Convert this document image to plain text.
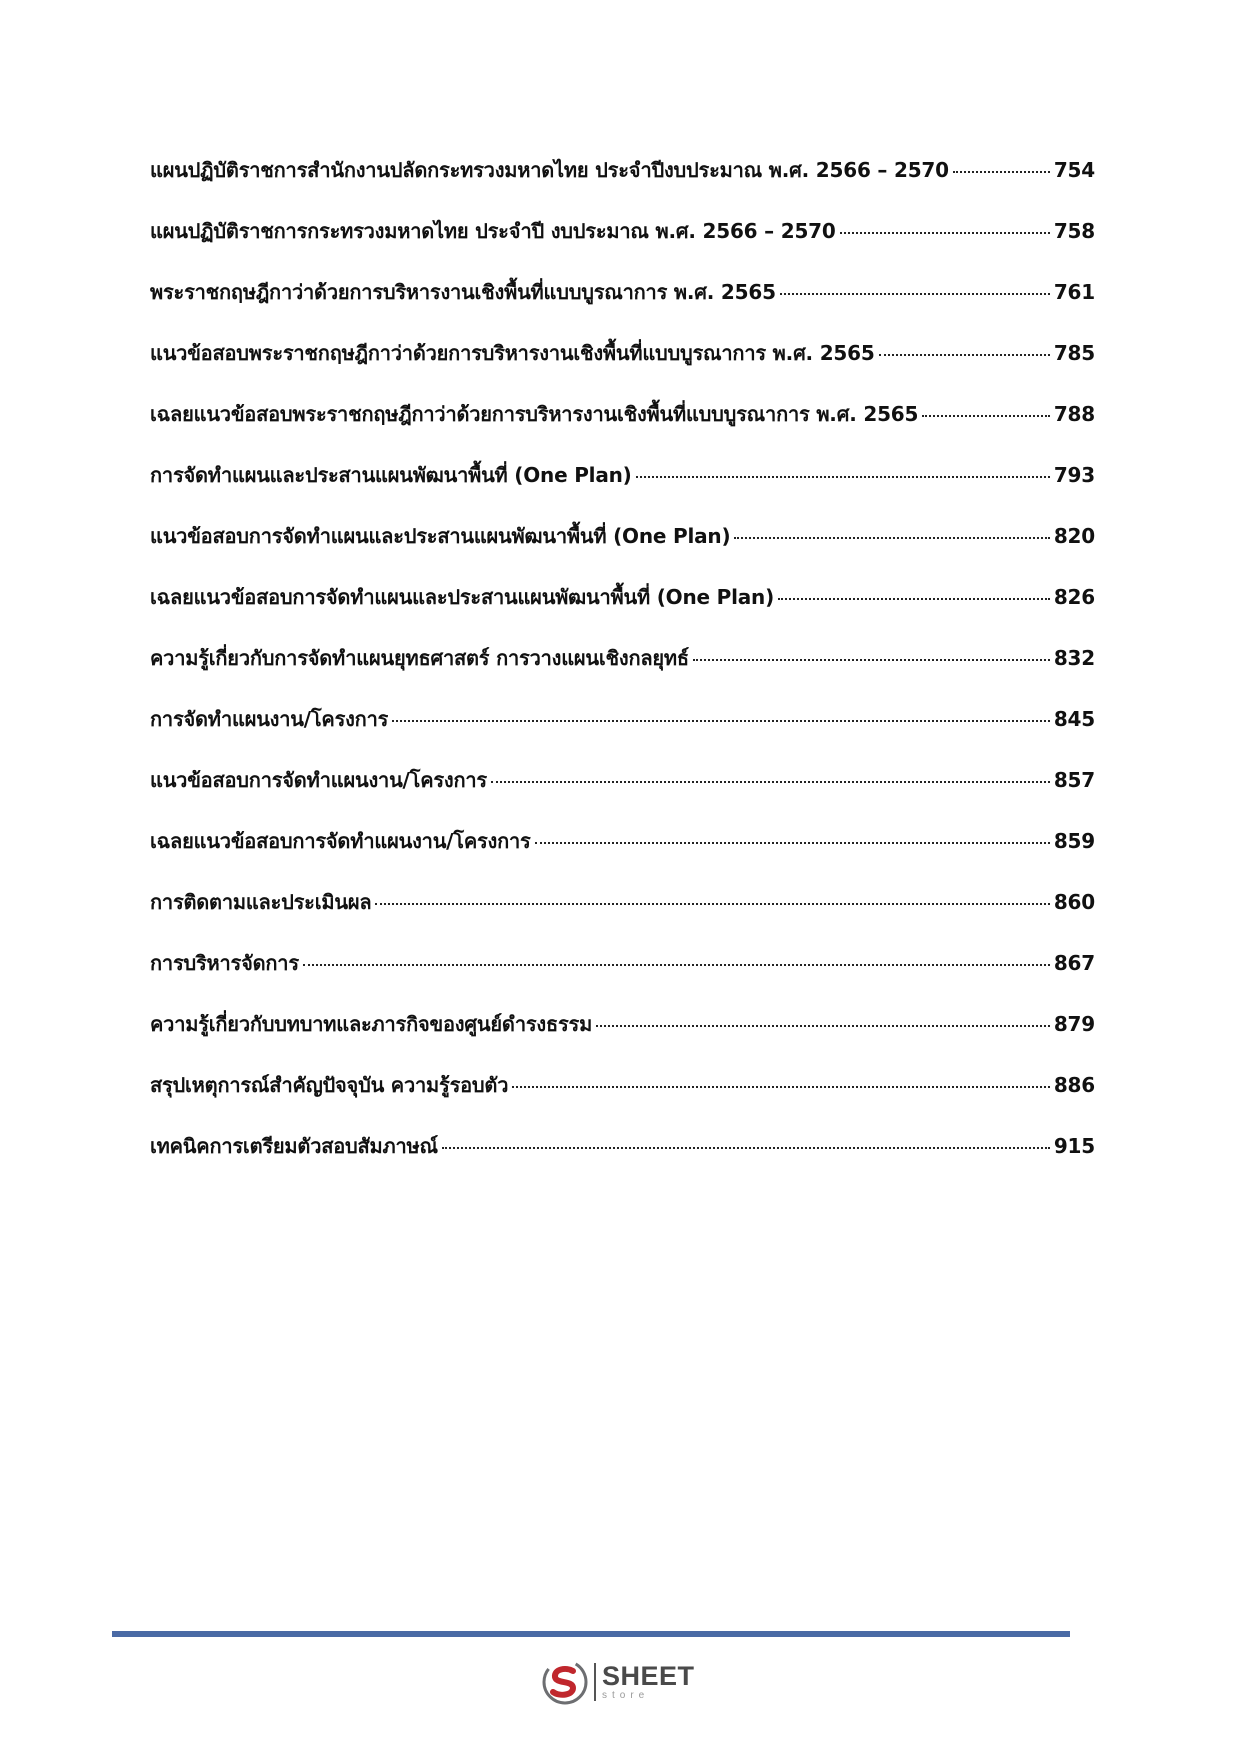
แผนปฏิบัติราชการสำนักงานปลัดกระทรวงมหาดไทย ประจำปีงบประมาณ พ.ศ. 2566 – 2570	754
แผนปฏิบัติราชการกระทรวงมหาดไทย ประจำปี งบประมาณ พ.ศ. 2566 – 2570	758
พระราชกฤษฎีกาว่าด้วยการบริหารงานเชิงพื้นที่แบบบูรณาการ พ.ศ. 2565	761
แนวข้อสอบพระราชกฤษฎีกาว่าด้วยการบริหารงานเชิงพื้นที่แบบบูรณาการ พ.ศ. 2565	785
เฉลยแนวข้อสอบพระราชกฤษฎีกาว่าด้วยการบริหารงานเชิงพื้นที่แบบบูรณาการ พ.ศ. 2565	788
การจัดทำแผนและประสานแผนพัฒนาพื้นที่ (One Plan)	793
แนวข้อสอบการจัดทำแผนและประสานแผนพัฒนาพื้นที่ (One Plan)	820
เฉลยแนวข้อสอบการจัดทำแผนและประสานแผนพัฒนาพื้นที่ (One Plan)	826
ความรู้เกี่ยวกับการจัดทำแผนยุทธศาสตร์ การวางแผนเชิงกลยุทธ์	832
การจัดทำแผนงาน/โครงการ	845
แนวข้อสอบการจัดทำแผนงาน/โครงการ	857
เฉลยแนวข้อสอบการจัดทำแผนงาน/โครงการ	859
การติดตามและประเมินผล	860
การบริหารจัดการ	867
ความรู้เกี่ยวกับบทบาทและภารกิจของศูนย์ดำรงธรรม	879
สรุปเหตุการณ์สำคัญปัจจุบัน ความรู้รอบตัว	886
เทคนิคการเตรียมตัวสอบสัมภาษณ์	915
SHEET
store
